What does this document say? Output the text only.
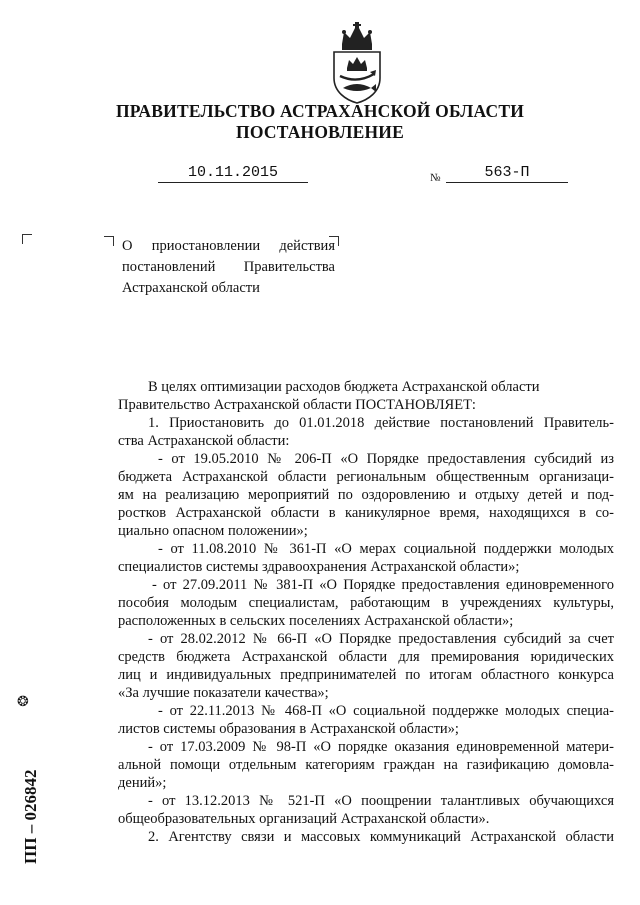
ПРАВИТЕЛЬСТВО АСТРАХАНСКОЙ ОБЛАСТИ
ПОСТАНОВЛЕНИЕ
10.11.2015	№	563-П
О приостановлении действия
постановлений Правительства
Астраханской области
В целях оптимизации расходов бюджета Астраханской области
Правительство Астраханской области ПОСТАНОВЛЯЕТ:
1. Приостановить до 01.01.2018 действие постановлений Правитель-
ства Астраханской области:
- от 19.05.2010 № 206-П «О Порядке предоставления субсидий из
бюджета Астраханской области региональным общественным организаци-
ям на реализацию мероприятий по оздоровлению и отдыху детей и под-
ростков Астраханской области в каникулярное время, находящихся в со-
циально опасном положении»;
- от 11.08.2010 № 361-П «О мерах социальной поддержки молодых
специалистов системы здравоохранения Астраханской области»;
- от 27.09.2011 № 381-П «О Порядке предоставления единовременного
пособия молодым специалистам, работающим в учреждениях культуры,
расположенных в сельских поселениях Астраханской области»;
- от 28.02.2012 № 66-П «О Порядке предоставления субсидий за счет
средств бюджета Астраханской области для премирования юридических
лиц и индивидуальных предпринимателей по итогам областного конкурса
«За лучшие показатели качества»;
- от 22.11.2013 № 468-П «О социальной поддержке молодых специа-
листов системы образования в Астраханской области»;
- от 17.03.2009 № 98-П «О порядке оказания единовременной матери-
альной помощи отдельным категориям граждан на газификацию домовла-
дений»;
- от 13.12.2013 № 521-П «О поощрении талантливых обучающихся
общеобразовательных организаций Астраханской области».
2. Агентству связи и массовых коммуникаций Астраханской области
❂
ПП – 026842
